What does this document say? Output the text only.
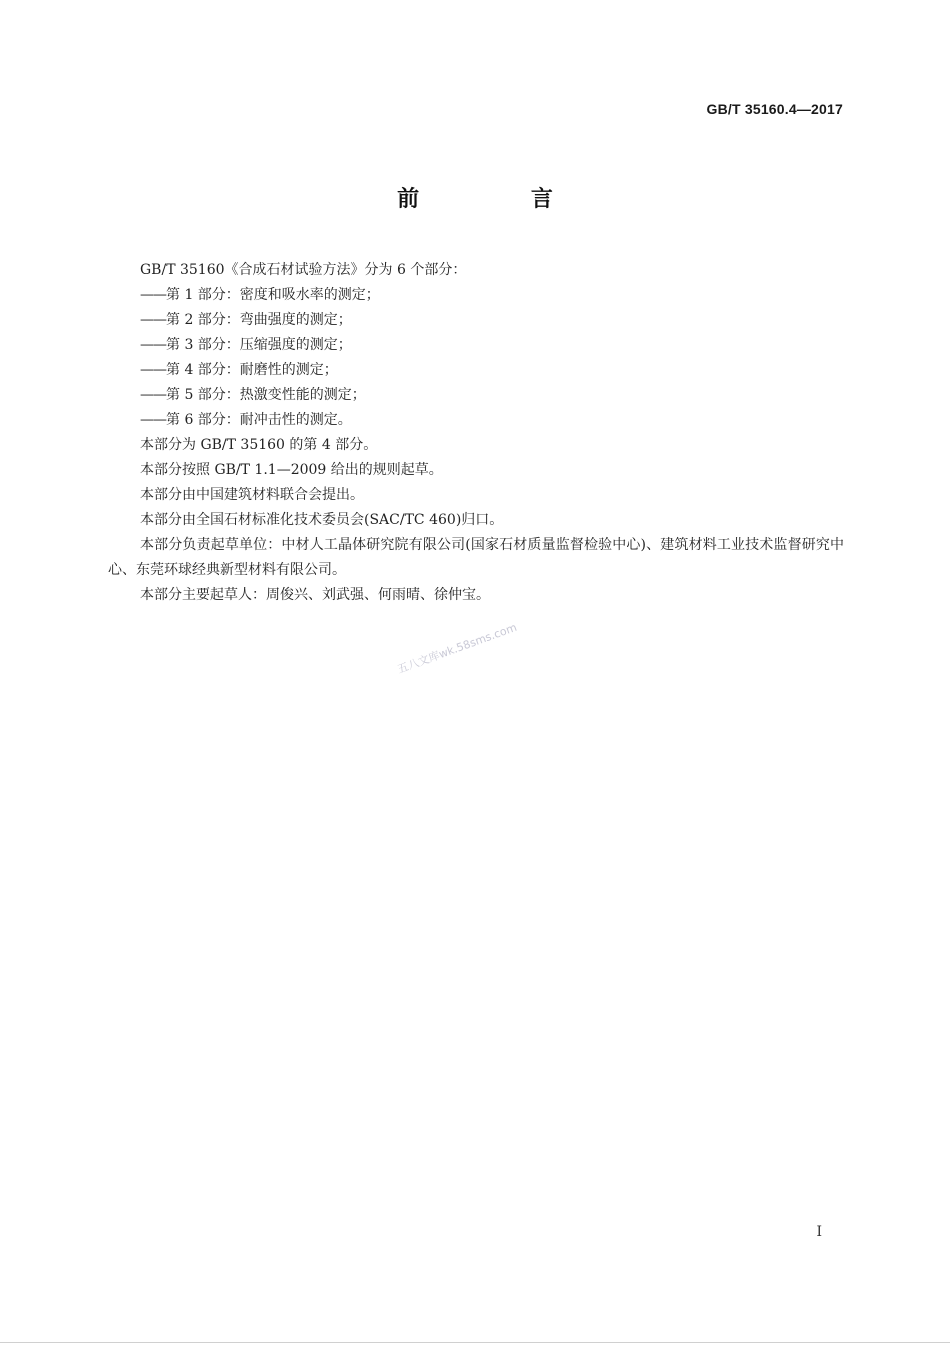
GB/T 35160.4—2017
前 言

GB/T 35160《合成石材试验方法》分为 6 个部分：

——第 1 部分：密度和吸水率的测定；

——第 2 部分：弯曲强度的测定；

——第 3 部分：压缩强度的测定；

——第 4 部分：耐磨性的测定；

——第 5 部分：热激变性能的测定；

——第 6 部分：耐冲击性的测定。

本部分为 GB/T 35160 的第 4 部分。

本部分按照 GB/T 1.1—2009 给出的规则起草。

本部分由中国建筑材料联合会提出。

本部分由全国石材标准化技术委员会(SAC/TC 460)归口。

本部分负责起草单位：中材人工晶体研究院有限公司(国家石材质量监督检验中心)、建筑材料工业技术监督研究中心、东莞环球经典新型材料有限公司。

本部分主要起草人：周俊兴、刘武强、何雨晴、徐仲宝。

五八文库wk.58sms.com
I
